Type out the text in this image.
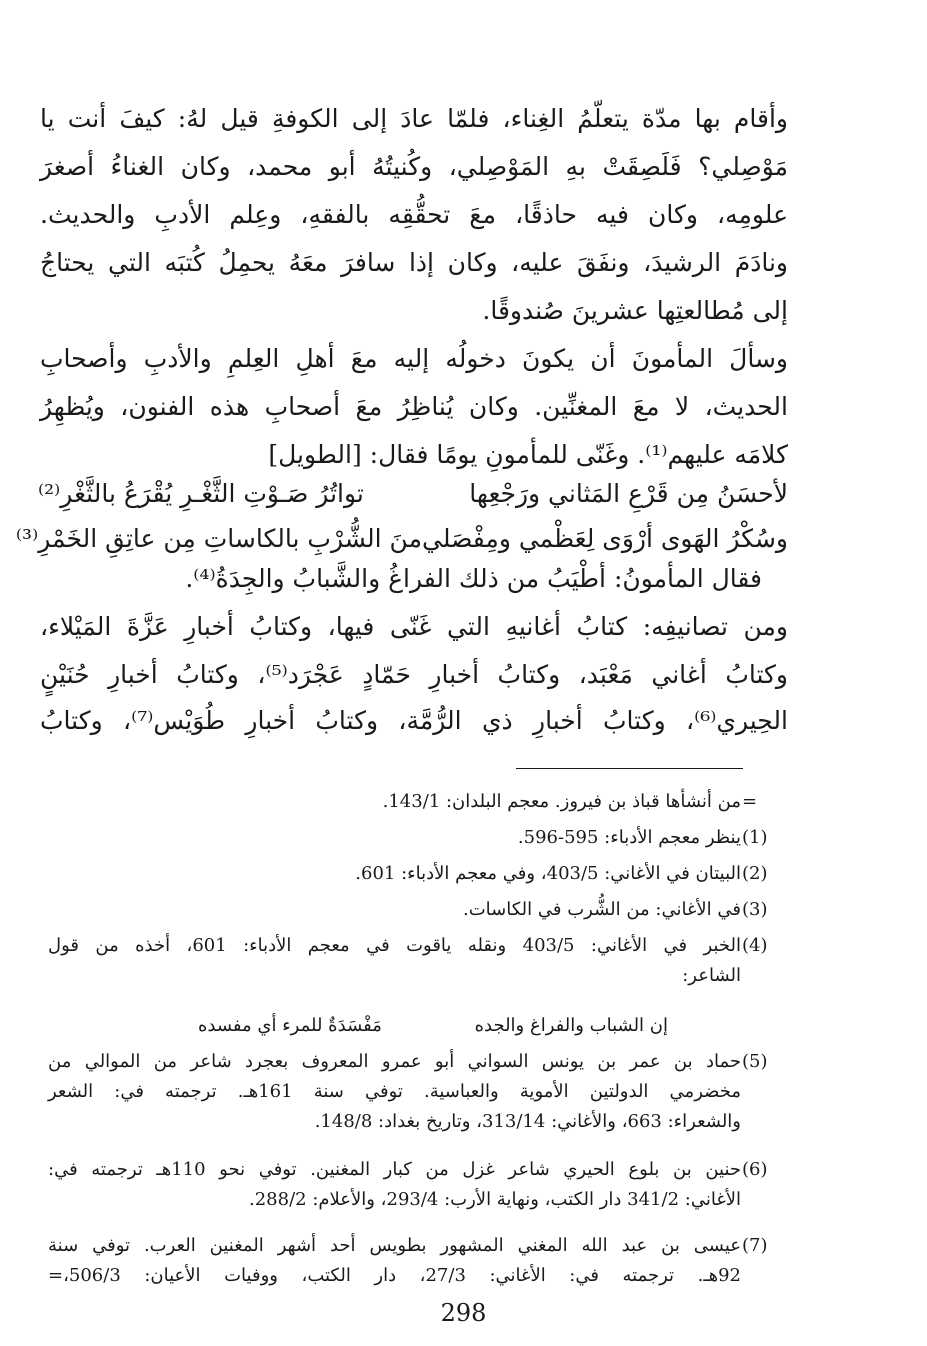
وأقام بها مدّة يتعلّمُ الغِناء، فلمّا عادَ إلى الكوفةِ قيل لهُ: كيفَ أنت يا
مَوْصِلي؟ فَلَصِقَتْ بهِ المَوْصِلي، وكُنيتُهُ أبو محمد، وكان الغناءُ أصغرَ
علومِه، وكان فيه حاذقًا، معَ تحقُّقِه بالفقهِ، وعِلم الأدبِ والحديث.
ونادَمَ الرشيدَ، ونفَقَ عليه، وكان إذا سافرَ معَهُ يحمِلُ كُتبَه التي يحتاجُ
إلى مُطالعتِها عشرينَ صُندوقًا.
وسألَ المأمونَ أن يكونَ دخولُه إليه معَ أهلِ العِلمِ والأدبِ وأصحابِ
الحديث، لا معَ المغنِّين. وكان يُناظِرُ معَ أصحابِ هذه الفنون، ويُظهِرُ
كلامَه عليهم⁽¹⁾. وغَنّى للمأمونِ يومًا فقال: [الطويل]
لأحسَنُ مِن قَرْعِ المَثاني ورَجْعِها
تواتُرُ صَـوْتِ الثَّغْـرِ يُقْرَعُ بالثَّغْرِ⁽²⁾
وسُكْرُ الهَوى أرْوَى لِعَظْمي ومِفْصَلي
منَ الشُّرْبِ بالكاساتِ مِن عاتِقِ الخَمْرِ⁽³⁾
فقال المأمونُ: أطْيَبُ من ذلك الفراغُ والشَّبابُ والجِدَةُ⁽⁴⁾.
ومن تصانيفِه: كتابُ أغانيهِ التي غَنّى فيها، وكتابُ أخبارِ عَزَّةَ المَيْلاء،
وكتابُ أغاني مَعْبَد، وكتابُ أخبارِ حَمّادٍ عَجْرَد⁽⁵⁾، وكتابُ أخبارِ حُنَيْنٍ
الحِيري⁽⁶⁾، وكتابُ أخبارِ ذي الرُّمَّة، وكتابُ أخبارِ طُوَيْس⁽⁷⁾، وكتابُ
=
من أنشأها قباذ بن فيروز. معجم البلدان: 143/1.
(1)
ينظر معجم الأدباء: 595-596.
(2)
البيتان في الأغاني: 403/5، وفي معجم الأدباء: 601.
(3)
في الأغاني: من الشُّرب في الكاسات.
(4)
الخبر في الأغاني: 403/5 ونقله ياقوت في معجم الأدباء: 601، أخذه من قول
الشاعر:
إن الشباب والفراغ والجده
مَفْسَدَةٌ للمرء أي مفسده
(5)
حماد بن عمر بن يونس السواني أبو عمرو المعروف بعجرد شاعر من الموالي من
مخضرمي الدولتين الأموية والعباسية. توفي سنة 161هـ. ترجمته في: الشعر
والشعراء: 663، والأغاني: 313/14، وتاريخ بغداد: 148/8.
(6)
حنين بن بلوع الحيري شاعر غزل من كبار المغنين. توفي نحو 110هـ ترجمته في:
الأغاني: 341/2 دار الكتب، ونهاية الأرب: 293/4، والأعلام: 288/2.
(7)
عيسى بن عبد الله المغني المشهور بطويس أحد أشهر المغنين العرب. توفي سنة
92هـ. ترجمته في: الأغاني: 27/3، دار الكتب، ووفيات الأعيان: 506/3،=
298
